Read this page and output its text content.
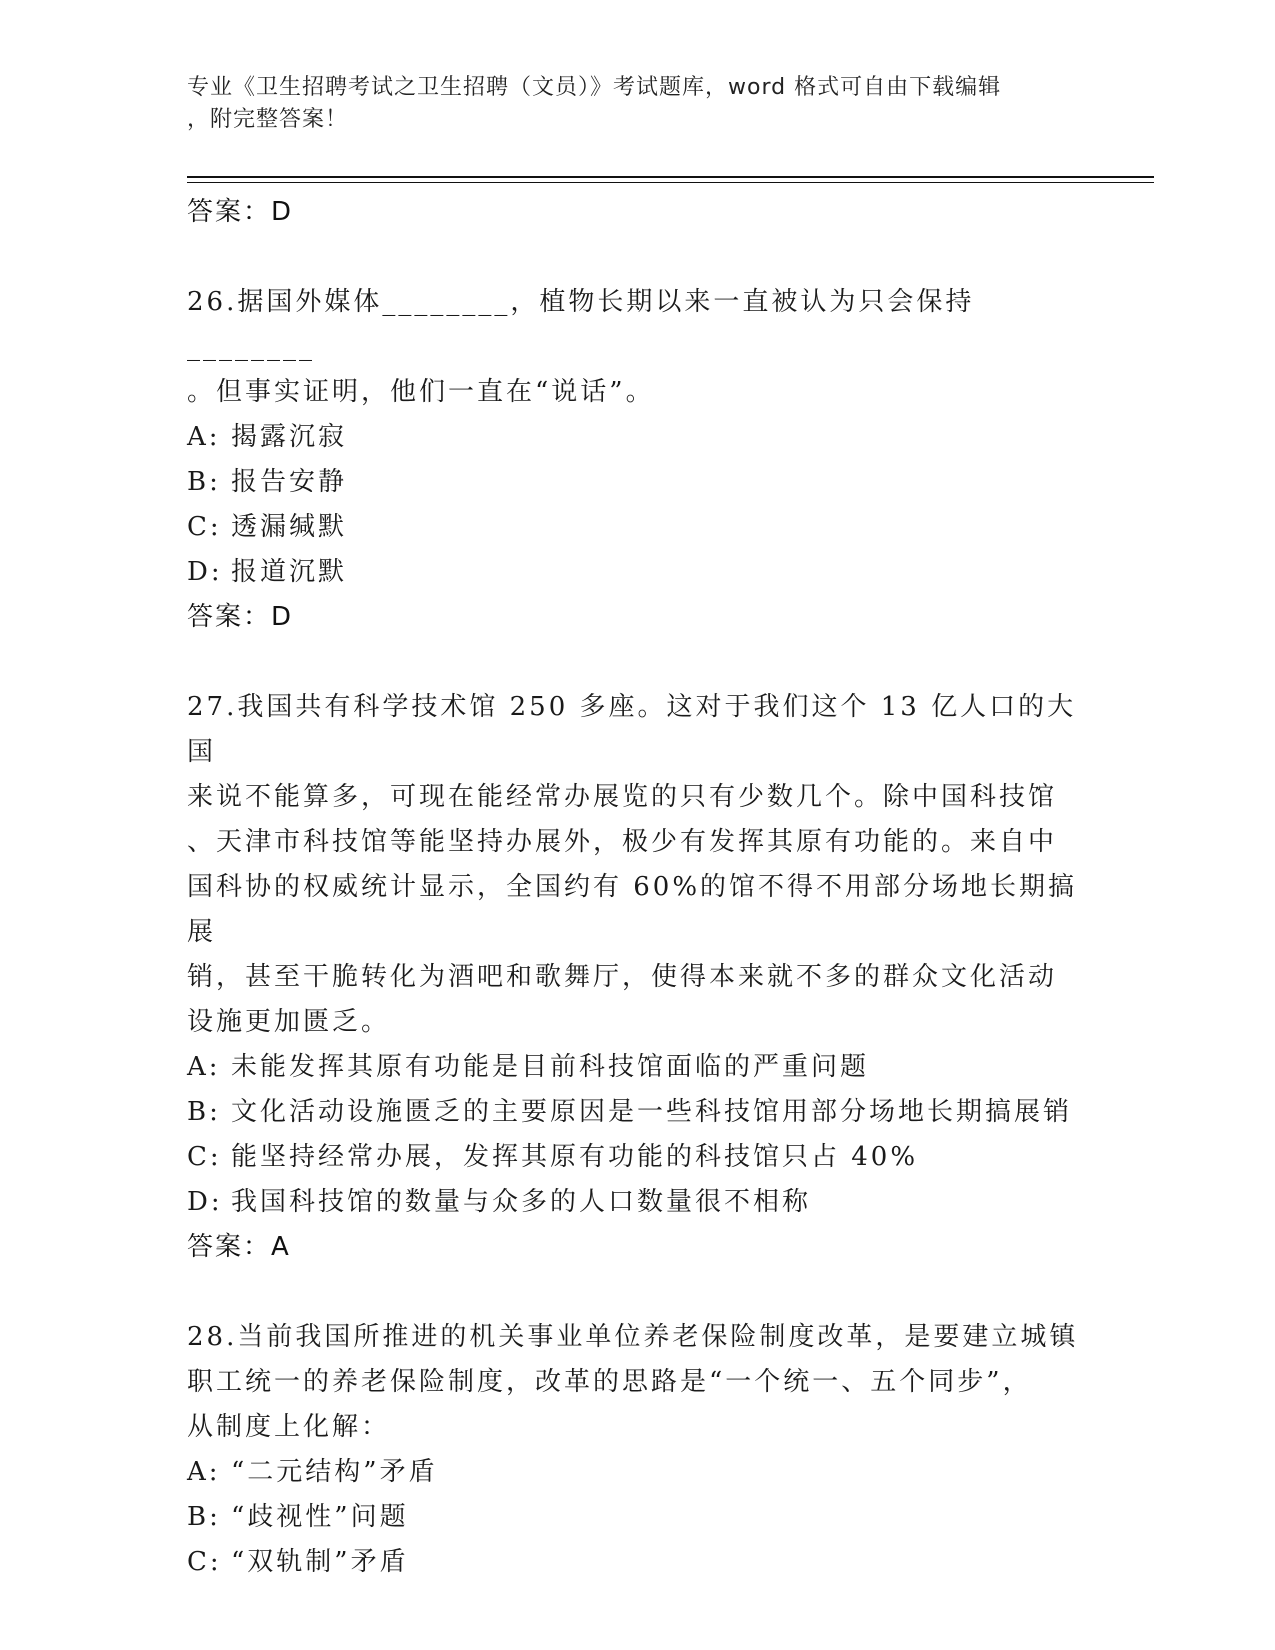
专业《卫生招聘考试之卫生招聘（文员）》考试题库，word 格式可自由下载编辑
，附完整答案！

答案：D

26.据国外媒体________，植物长期以来一直被认为只会保持________

。但事实证明，他们一直在“说话”。

A: 揭露沉寂

B: 报告安静

C: 透漏缄默

D: 报道沉默

答案：D

27.我国共有科学技术馆 250 多座。这对于我们这个 13 亿人口的大国

来说不能算多，可现在能经常办展览的只有少数几个。除中国科技馆

、天津市科技馆等能坚持办展外，极少有发挥其原有功能的。来自中

国科协的权威统计显示，全国约有 60%的馆不得不用部分场地长期搞展

销，甚至干脆转化为酒吧和歌舞厅，使得本来就不多的群众文化活动

设施更加匮乏。

A: 未能发挥其原有功能是目前科技馆面临的严重问题

B: 文化活动设施匮乏的主要原因是一些科技馆用部分场地长期搞展销

C: 能坚持经常办展，发挥其原有功能的科技馆只占 40%

D: 我国科技馆的数量与众多的人口数量很不相称

答案：A

28.当前我国所推进的机关事业单位养老保险制度改革，是要建立城镇

职工统一的养老保险制度，改革的思路是“一个统一、五个同步”，

从制度上化解：

A: “二元结构”矛盾

B: “歧视性”问题

C: “双轨制”矛盾
